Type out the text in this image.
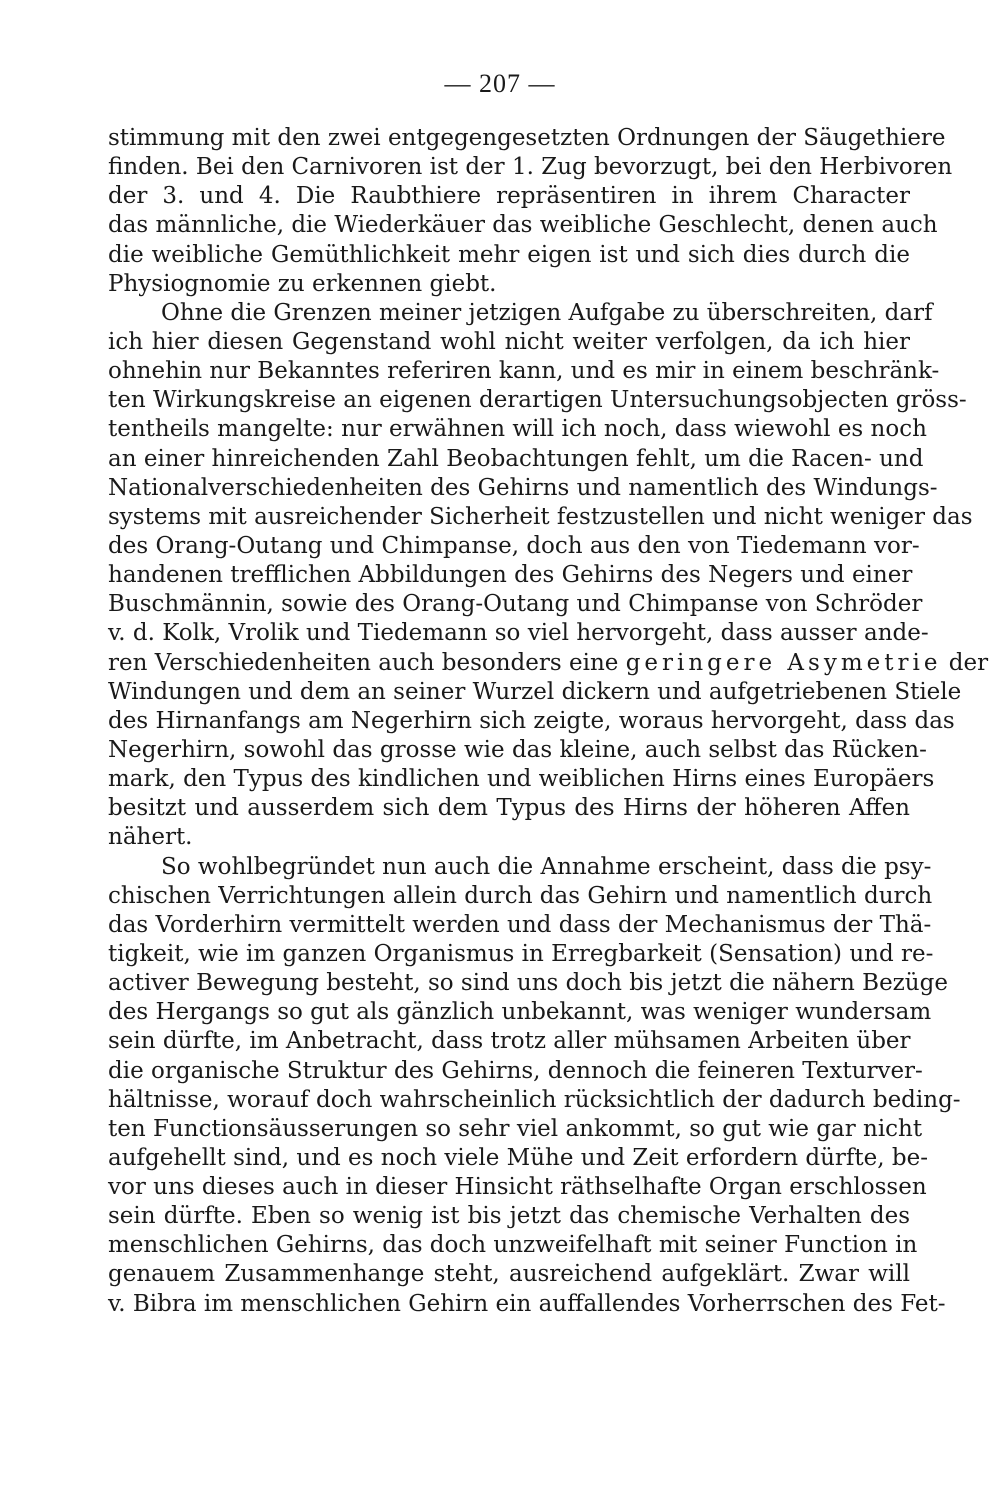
— 207 —
stimmung mit den zwei entgegengesetzten Ordnungen der Säugethiere
finden. Bei den Carnivoren ist der 1. Zug bevorzugt, bei den Herbivoren
der 3. und 4. Die Raubthiere repräsentiren in ihrem Character
das männliche, die Wiederkäuer das weibliche Geschlecht, denen auch
die weibliche Gemüthlichkeit mehr eigen ist und sich dies durch die
Physiognomie zu erkennen giebt.
Ohne die Grenzen meiner jetzigen Aufgabe zu überschreiten, darf
ich hier diesen Gegenstand wohl nicht weiter verfolgen, da ich hier
ohnehin nur Bekanntes referiren kann, und es mir in einem beschränk-
ten Wirkungskreise an eigenen derartigen Untersuchungsobjecten gröss-
tentheils mangelte: nur erwähnen will ich noch, dass wiewohl es noch
an einer hinreichenden Zahl Beobachtungen fehlt, um die Racen- und
Nationalverschiedenheiten des Gehirns und namentlich des Windungs-
systems mit ausreichender Sicherheit festzustellen und nicht weniger das
des Orang-Outang und Chimpanse, doch aus den von Tiedemann vor-
handenen trefflichen Abbildungen des Gehirns des Negers und einer
Buschmännin, sowie des Orang-Outang und Chimpanse von Schröder
v. d. Kolk, Vrolik und Tiedemann so viel hervorgeht, dass ausser ande-
ren Verschiedenheiten auch besonders eine geringere Asymetrie der
Windungen und dem an seiner Wurzel dickern und aufgetriebenen Stiele
des Hirnanfangs am Negerhirn sich zeigte, woraus hervorgeht, dass das
Negerhirn, sowohl das grosse wie das kleine, auch selbst das Rücken-
mark, den Typus des kindlichen und weiblichen Hirns eines Europäers
besitzt und ausserdem sich dem Typus des Hirns der höheren Affen
nähert.
So wohlbegründet nun auch die Annahme erscheint, dass die psy-
chischen Verrichtungen allein durch das Gehirn und namentlich durch
das Vorderhirn vermittelt werden und dass der Mechanismus der Thä-
tigkeit, wie im ganzen Organismus in Erregbarkeit (Sensation) und re-
activer Bewegung besteht, so sind uns doch bis jetzt die nähern Bezüge
des Hergangs so gut als gänzlich unbekannt, was weniger wundersam
sein dürfte, im Anbetracht, dass trotz aller mühsamen Arbeiten über
die organische Struktur des Gehirns, dennoch die feineren Texturver-
hältnisse, worauf doch wahrscheinlich rücksichtlich der dadurch beding-
ten Functionsäusserungen so sehr viel ankommt, so gut wie gar nicht
aufgehellt sind, und es noch viele Mühe und Zeit erfordern dürfte, be-
vor uns dieses auch in dieser Hinsicht räthselhafte Organ erschlossen
sein dürfte. Eben so wenig ist bis jetzt das chemische Verhalten des
menschlichen Gehirns, das doch unzweifelhaft mit seiner Function in
genauem Zusammenhange steht, ausreichend aufgeklärt. Zwar will
v. Bibra im menschlichen Gehirn ein auffallendes Vorherrschen des Fet-
